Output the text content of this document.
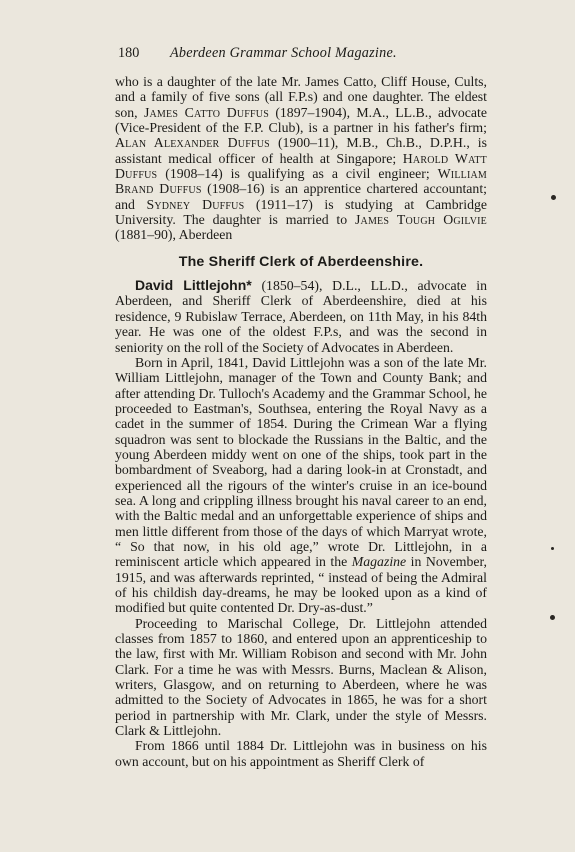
180 Aberdeen Grammar School Magazine.

who is a daughter of the late Mr. James Catto, Cliff House, Cults, and a family of five sons (all F.P.s) and one daughter. The eldest son, James Catto Duffus (1897–1904), M.A., LL.B., advocate (Vice-President of the F.P. Club), is a partner in his father's firm; Alan Alexander Duffus (1900–11), M.B., Ch.B., D.P.H., is assistant medical officer of health at Singapore; Harold Watt Duffus (1908–14) is qualifying as a civil engineer; William Brand Duffus (1908–16) is an apprentice chartered accountant; and Sydney Duffus (1911–17) is studying at Cambridge University. The daughter is married to James Tough Ogilvie (1881–90), Aberdeen

The Sheriff Clerk of Aberdeenshire.

David Littlejohn* (1850–54), D.L., LL.D., advocate in Aberdeen, and Sheriff Clerk of Aberdeenshire, died at his residence, 9 Rubislaw Terrace, Aberdeen, on 11th May, in his 84th year. He was one of the oldest F.P.s, and was the second in seniority on the roll of the Society of Advocates in Aberdeen.

Born in April, 1841, David Littlejohn was a son of the late Mr. William Littlejohn, manager of the Town and County Bank; and after attending Dr. Tulloch's Academy and the Grammar School, he proceeded to Eastman's, Southsea, entering the Royal Navy as a cadet in the summer of 1854. During the Crimean War a flying squadron was sent to blockade the Russians in the Baltic, and the young Aberdeen middy went on one of the ships, took part in the bombardment of Sveaborg, had a daring look-in at Cronstadt, and experienced all the rigours of the winter's cruise in an ice-bound sea. A long and crippling illness brought his naval career to an end, with the Baltic medal and an unforgettable experience of ships and men little different from those of the days of which Marryat wrote, “ So that now, in his old age,” wrote Dr. Littlejohn, in a reminiscent article which appeared in the Magazine in November, 1915, and was afterwards reprinted, “ instead of being the Admiral of his childish day-dreams, he may be looked upon as a kind of modified but quite contented Dr. Dry-as-dust.”

Proceeding to Marischal College, Dr. Littlejohn attended classes from 1857 to 1860, and entered upon an apprenticeship to the law, first with Mr. William Robison and second with Mr. John Clark. For a time he was with Messrs. Burns, Maclean & Alison, writers, Glasgow, and on returning to Aberdeen, where he was admitted to the Society of Advocates in 1865, he was for a short period in partnership with Mr. Clark, under the style of Messrs. Clark & Littlejohn.

From 1866 until 1884 Dr. Littlejohn was in business on his own account, but on his appointment as Sheriff Clerk of
